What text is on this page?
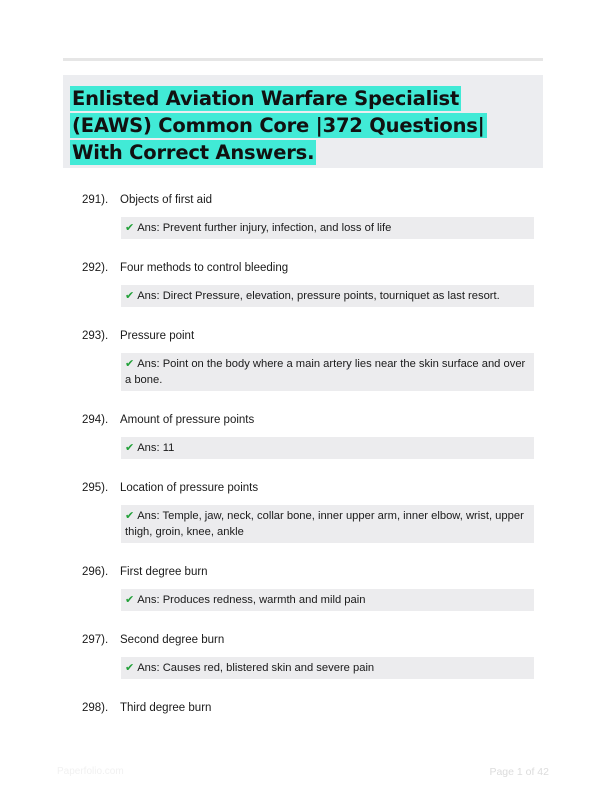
Enlisted Aviation Warfare Specialist (EAWS) Common Core |372 Questions| With Correct Answers.
291). Objects of first aid
✔ Ans: Prevent further injury, infection, and loss of life
292). Four methods to control bleeding
✔ Ans: Direct Pressure, elevation, pressure points, tourniquet as last resort.
293). Pressure point
✔ Ans: Point on the body where a main artery lies near the skin surface and over a bone.
294). Amount of pressure points
✔ Ans: 11
295). Location of pressure points
✔ Ans: Temple, jaw, neck, collar bone, inner upper arm, inner elbow, wrist, upper thigh, groin, knee, ankle
296). First degree burn
✔ Ans: Produces redness, warmth and mild pain
297). Second degree burn
✔ Ans: Causes red, blistered skin and severe pain
298). Third degree burn
Paperfolio.com	Page 1 of 42
